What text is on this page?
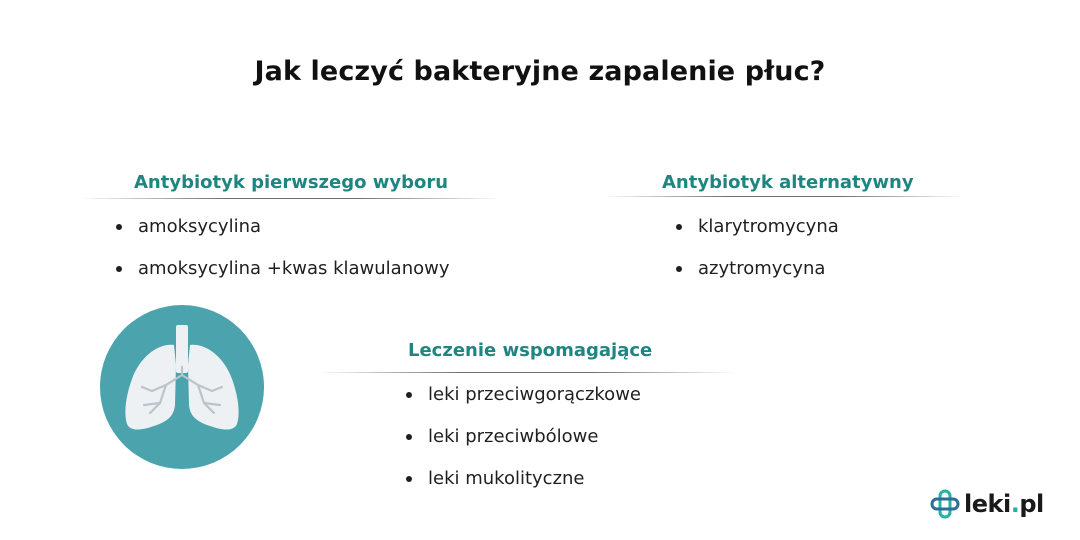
Jak leczyć bakteryjne zapalenie płuc?
Antybiotyk pierwszego wyboru
amoksycylina
amoksycylina +kwas klawulanowy
Antybiotyk alternatywny
klarytromycyna
azytromycyna
Leczenie wspomagające
leki przeciwgorączkowe
leki przeciwbólowe
leki mukolityczne
leki.pl
